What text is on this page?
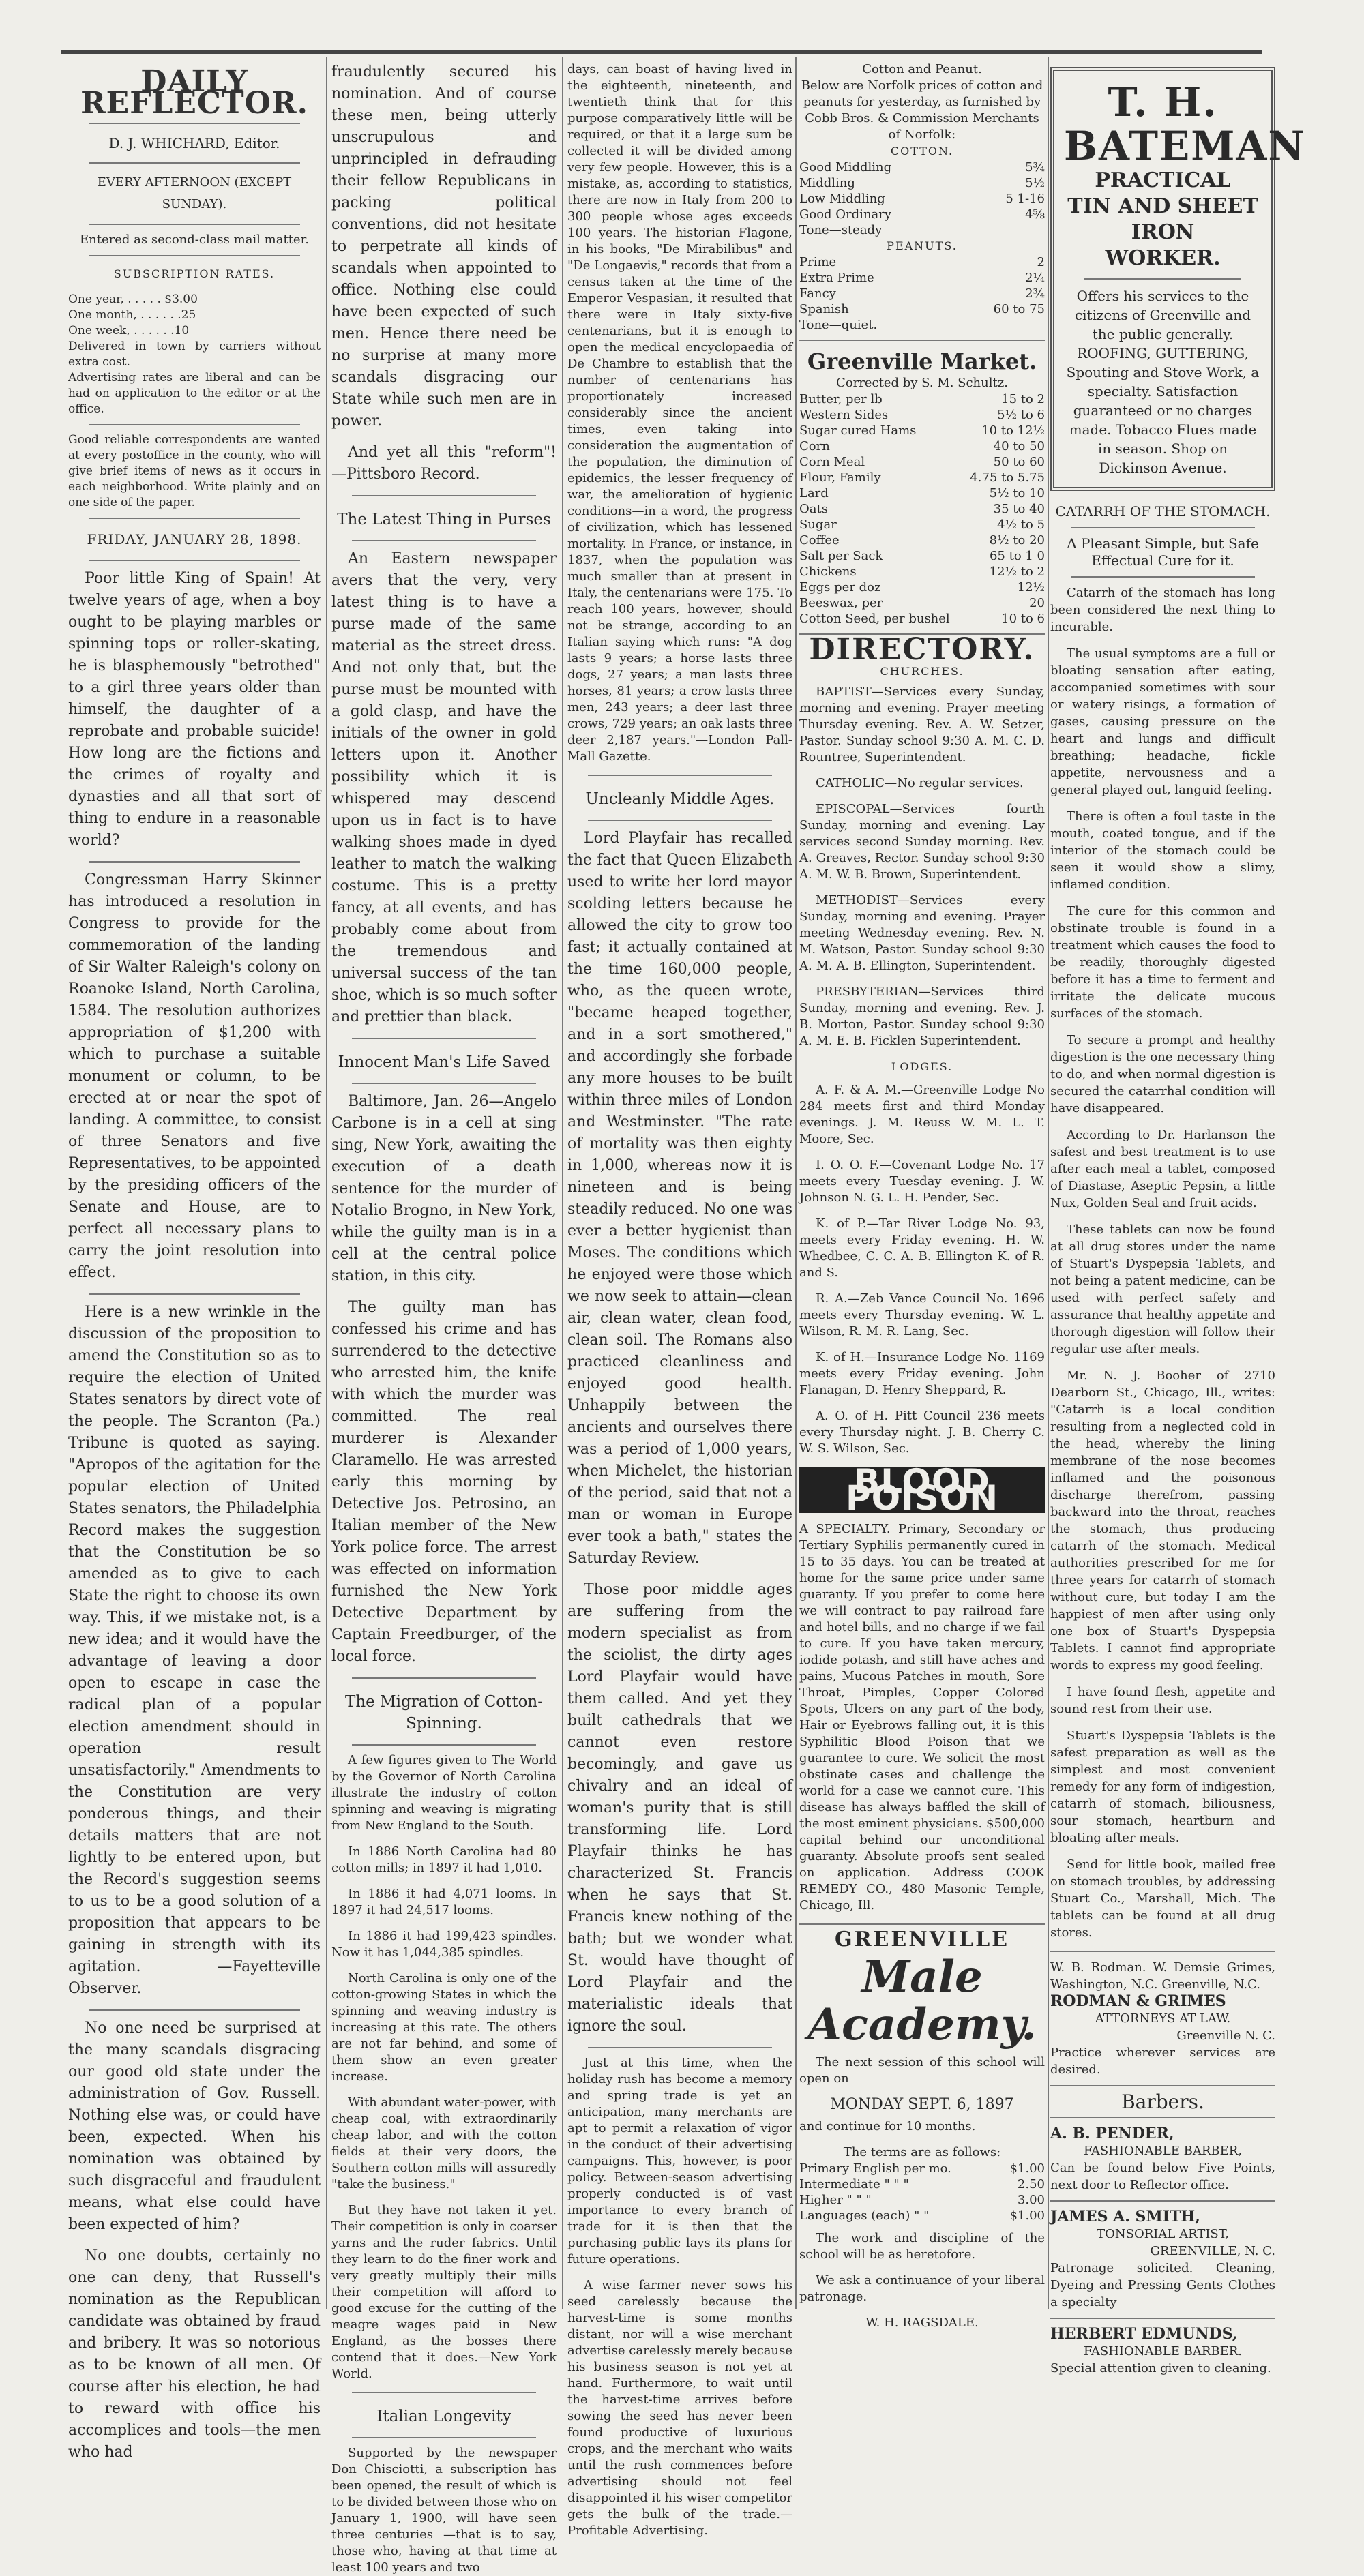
DAILY REFLECTOR.
D. J. WHICHARD, Editor.
EVERY AFTERNOON (EXCEPT SUNDAY).
Entered as second-class mail matter.
SUBSCRIPTION RATES.
One year, . . . . . $3.00
One month, . . . . . .25
One week, . . . . . .10
Delivered in town by carriers without extra cost.
Advertising rates are liberal and can be had on application to the editor or at the office.
Good reliable correspondents are wanted at every postoffice in the county, who will give brief items of news as it occurs in each neighborhood. Write plainly and on one side of the paper.
FRIDAY, JANUARY 28, 1898.

Poor little King of Spain! At twelve years of age, when a boy ought to be playing marbles or spinning tops or roller-skating, he is blasphemously "betrothed" to a girl three years older than himself, the daughter of a reprobate and probable suicide! How long are the fictions and the crimes of royalty and dynasties and all that sort of thing to endure in a reasonable world?

Congressman Harry Skinner has introduced a resolution in Congress to provide for the commemoration of the landing of Sir Walter Raleigh's colony on Roanoke Island, North Carolina, 1584. The resolution authorizes appropriation of $1,200 with which to purchase a suitable monument or column, to be erected at or near the spot of landing. A committee, to consist of three Senators and five Representatives, to be appointed by the presiding officers of the Senate and House, are to perfect all necessary plans to carry the joint resolution into effect.

Here is a new wrinkle in the discussion of the proposition to amend the Constitution so as to require the election of United States senators by direct vote of the people. The Scranton (Pa.) Tribune is quoted as saying. "Apropos of the agitation for the popular election of United States senators, the Philadelphia Record makes the suggestion that the Constitution be so amended as to give to each State the right to choose its own way. This, if we mistake not, is a new idea; and it would have the advantage of leaving a door open to escape in case the radical plan of a popular election amendment should in operation result unsatisfactorily." Amendments to the Constitution are very ponderous things, and their details matters that are not lightly to be entered upon, but the Record's suggestion seems to us to be a good solution of a proposition that appears to be gaining in strength with its agitation. —Fayetteville Observer.

No one need be surprised at the many scandals disgracing our good old state under the administration of Gov. Russell. Nothing else was, or could have been, expected. When his nomination was obtained by such disgraceful and fraudulent means, what else could have been expected of him?

No one doubts, certainly no one can deny, that Russell's nomination as the Republican candidate was obtained by fraud and bribery. It was so notorious as to be known of all men. Of course after his election, he had to reward with office his accomplices and tools—the men who had

fraudulently secured his nomination. And of course these men, being utterly unscrupulous and unprincipled in defrauding their fellow Republicans in packing political conventions, did not hesitate to perpetrate all kinds of scandals when appointed to office. Nothing else could have been expected of such men. Hence there need be no surprise at many more scandals disgracing our State while such men are in power.

And yet all this "reform"! —Pittsboro Record.

The Latest Thing in Purses

An Eastern newspaper avers that the very, very latest thing is to have a purse made of the same material as the street dress. And not only that, but the purse must be mounted with a gold clasp, and have the initials of the owner in gold letters upon it. Another possibility which it is whispered may descend upon us in fact is to have walking shoes made in dyed leather to match the walking costume. This is a pretty fancy, at all events, and has probably come about from the tremendous and universal success of the tan shoe, which is so much softer and prettier than black.

Innocent Man's Life Saved

Baltimore, Jan. 26—Angelo Carbone is in a cell at sing sing, New York, awaiting the execution of a death sentence for the murder of Notalio Brogno, in New York, while the guilty man is in a cell at the central police station, in this city.

The guilty man has confessed his crime and has surrendered to the detective who arrested him, the knife with which the murder was committed. The real murderer is Alexander Claramello. He was arrested early this morning by Detective Jos. Petrosino, an Italian member of the New York police force. The arrest was effected on information furnished the New York Detective Department by Captain Freedburger, of the local force.

The Migration of Cotton-Spinning.

A few figures given to The World by the Governor of North Carolina illustrate the industry of cotton spinning and weaving is migrating from New England to the South.

In 1886 North Carolina had 80 cotton mills; in 1897 it had 1,010.

In 1886 it had 4,071 looms. In 1897 it had 24,517 looms.

In 1886 it had 199,423 spindles. Now it has 1,044,385 spindles.

North Carolina is only one of the cotton-growing States in which the spinning and weaving industry is increasing at this rate. The others are not far behind, and some of them show an even greater increase.

With abundant water-power, with cheap coal, with extraordinarily cheap labor, and with the cotton fields at their very doors, the Southern cotton mills will assuredly "take the business."

But they have not taken it yet. Their competition is only in coarser yarns and the ruder fabrics. Until they learn to do the finer work and very greatly multiply their mills their competition will afford to good excuse for the cutting of the meagre wages paid in New England, as the bosses there contend that it does.—New York World.

Italian Longevity

Supported by the newspaper Don Chisciotti, a subscription has been opened, the result of which is to be divided between those who on January 1, 1900, will have seen three centuries —that is to say, those who, having at that time at least 100 years and two

days, can boast of having lived in the eighteenth, nineteenth, and twentieth think that for this purpose comparatively little will be required, or that it a large sum be collected it will be divided among very few people. However, this is a mistake, as, according to statistics, there are now in Italy from 200 to 300 people whose ages exceeds 100 years. The historian Flagone, in his books, "De Mirabilibus" and "De Longaevis," records that from a census taken at the time of the Emperor Vespasian, it resulted that there were in Italy sixty-five centenarians, but it is enough to open the medical encyclopaedia of De Chambre to establish that the number of centenarians has proportionately increased considerably since the ancient times, even taking into consideration the augmentation of the population, the diminution of epidemics, the lesser frequency of war, the amelioration of hygienic conditions—in a word, the progress of civilization, which has lessened mortality. In France, or instance, in 1837, when the population was much smaller than at present in Italy, the centenarians were 175. To reach 100 years, however, should not be strange, according to an Italian saying which runs: "A dog lasts 9 years; a horse lasts three dogs, 27 years; a man lasts three horses, 81 years; a crow lasts three men, 243 years; a deer last three crows, 729 years; an oak lasts three deer 2,187 years."—London Pall-Mall Gazette.

Uncleanly Middle Ages.

Lord Playfair has recalled the fact that Queen Elizabeth used to write her lord mayor scolding letters because he allowed the city to grow too fast; it actually contained at the time 160,000 people, who, as the queen wrote, "became heaped together, and in a sort smothered," and accordingly she forbade any more houses to be built within three miles of London and Westminster. "The rate of mortality was then eighty in 1,000, whereas now it is nineteen and is being steadily reduced. No one was ever a better hygienist than Moses. The conditions which he enjoyed were those which we now seek to attain—clean air, clean water, clean food, clean soil. The Romans also practiced cleanliness and enjoyed good health. Unhappily between the ancients and ourselves there was a period of 1,000 years, when Michelet, the historian of the period, said that not a man or woman in Europe ever took a bath," states the Saturday Review.

Those poor middle ages are suffering from the modern specialist as from the sciolist, the dirty ages Lord Playfair would have them called. And yet they built cathedrals that we cannot even restore becomingly, and gave us chivalry and an ideal of woman's purity that is still transforming life. Lord Playfair thinks he has characterized St. Francis when he says that St. Francis knew nothing of the bath; but we wonder what St. would have thought of Lord Playfair and the materialistic ideals that ignore the soul.

Just at this time, when the holiday rush has become a memory and spring trade is yet an anticipation, many merchants are apt to permit a relaxation of vigor in the conduct of their advertising campaigns. This, however, is poor policy. Between-season advertising properly conducted is of vast importance to every branch of trade for it is then that the purchasing public lays its plans for future operations.

A wise farmer never sows his seed carelessly because the harvest-time is some months distant, nor will a wise merchant advertise carelessly merely because his business season is not yet at hand. Furthermore, to wait until the harvest-time arrives before sowing the seed has never been found productive of luxurious crops, and the merchant who waits until the rush commences before advertising should not feel disappointed it his wiser competitor gets the bulk of the trade.—Profitable Advertising.

Cotton and Peanut.
Below are Norfolk prices of cotton and peanuts for yesterday, as furnished by Cobb Bros. & Commission Merchants of Norfolk:
COTTON.
Good Middling	5¾
Middling	5½
Low Middling	5 1-16
Good Ordinary	4⅝
Tone—steady	
PEANUTS.
Prime	2
Extra Prime	2¼
Fancy	2¾
Spanish	60 to 75
Tone—quiet.	
Greenville Market.
Corrected by S. M. Schultz.
Butter, per lb	15 to 2
Western Sides	5½ to 6
Sugar cured Hams	10 to 12½
Corn	40 to 50
Corn Meal	50 to 60
Flour, Family	4.75 to 5.75
Lard	5½ to 10
Oats	35 to 40
Sugar	4½ to 5
Coffee	8½ to 20
Salt per Sack	65 to 1 0
Chickens	12½ to 2
Eggs per doz	12½
Beeswax, per	20
Cotton Seed, per bushel	10 to 6
DIRECTORY.
CHURCHES.

BAPTIST—Services every Sunday, morning and evening. Prayer meeting Thursday evening. Rev. A. W. Setzer, Pastor. Sunday school 9:30 A. M. C. D. Rountree, Superintendent.

CATHOLIC—No regular services.

EPISCOPAL—Services fourth Sunday, morning and evening. Lay services second Sunday morning. Rev. A. Greaves, Rector. Sunday school 9:30 A. M. W. B. Brown, Superintendent.

METHODIST—Services every Sunday, morning and evening. Prayer meeting Wednesday evening. Rev. N. M. Watson, Pastor. Sunday school 9:30 A. M. A. B. Ellington, Superintendent.

PRESBYTERIAN—Services third Sunday, morning and evening. Rev. J. B. Morton, Pastor. Sunday school 9:30 A. M. E. B. Ficklen Superintendent.

LODGES.

A. F. & A. M.—Greenville Lodge No 284 meets first and third Monday evenings. J. M. Reuss W. M. L. T. Moore, Sec.

I. O. O. F.—Covenant Lodge No. 17 meets every Tuesday evening. J. W. Johnson N. G. L. H. Pender, Sec.

K. of P.—Tar River Lodge No. 93, meets every Friday evening. H. W. Whedbee, C. C. A. B. Ellington K. of R. and S.

R. A.—Zeb Vance Council No. 1696 meets every Thursday evening. W. L. Wilson, R. M. R. Lang, Sec.

K. of H.—Insurance Lodge No. 1169 meets every Friday evening. John Flanagan, D. Henry Sheppard, R.

A. O. of H. Pitt Council 236 meets every Thursday night. J. B. Cherry C. W. S. Wilson, Sec.

BLOOD POISON

A SPECIALTY. Primary, Secondary or Tertiary Syphilis permanently cured in 15 to 35 days. You can be treated at home for the same price under same guaranty. If you prefer to come here we will contract to pay railroad fare and hotel bills, and no charge if we fail to cure. If you have taken mercury, iodide potash, and still have aches and pains, Mucous Patches in mouth, Sore Throat, Pimples, Copper Colored Spots, Ulcers on any part of the body, Hair or Eyebrows falling out, it is this Syphilitic Blood Poison that we guarantee to cure. We solicit the most obstinate cases and challenge the world for a case we cannot cure. This disease has always baffled the skill of the most eminent physicians. $500,000 capital behind our unconditional guaranty. Absolute proofs sent sealed on application. Address COOK REMEDY CO., 480 Masonic Temple, Chicago, Ill.

GREENVILLE
Male Academy.

The next session of this school will open on

MONDAY SEPT. 6, 1897

and continue for 10 months.

The terms are as follows:
Primary English per mo.	$1.00
Intermediate " " "	2.50
Higher " " "	3.00
Languages (each) " "	$1.00

The work and discipline of the school will be as heretofore.

We ask a continuance of your liberal patronage.

W. H. RAGSDALE.
T. H. BATEMAN
PRACTICAL
TIN AND SHEET IRON
WORKER.
Offers his services to the citizens of Greenville and the public generally. ROOFING, GUTTERING, Spouting and Stove Work, a specialty. Satisfaction guaranteed or no charges made. Tobacco Flues made in season. Shop on Dickinson Avenue.
CATARRH OF THE STOMACH.
A Pleasant Simple, but Safe Effectual Cure for it.

Catarrh of the stomach has long been considered the next thing to incurable.

The usual symptoms are a full or bloating sensation after eating, accompanied sometimes with sour or watery risings, a formation of gases, causing pressure on the heart and lungs and difficult breathing; headache, fickle appetite, nervousness and a general played out, languid feeling.

There is often a foul taste in the mouth, coated tongue, and if the interior of the stomach could be seen it would show a slimy, inflamed condition.

The cure for this common and obstinate trouble is found in a treatment which causes the food to be readily, thoroughly digested before it has a time to ferment and irritate the delicate mucous surfaces of the stomach.

To secure a prompt and healthy digestion is the one necessary thing to do, and when normal digestion is secured the catarrhal condition will have disappeared.

According to Dr. Harlanson the safest and best treatment is to use after each meal a tablet, composed of Diastase, Aseptic Pepsin, a little Nux, Golden Seal and fruit acids.

These tablets can now be found at all drug stores under the name of Stuart's Dyspepsia Tablets, and not being a patent medicine, can be used with perfect safety and assurance that healthy appetite and thorough digestion will follow their regular use after meals.

Mr. N. J. Booher of 2710 Dearborn St., Chicago, Ill., writes: "Catarrh is a local condition resulting from a neglected cold in the head, whereby the lining membrane of the nose becomes inflamed and the poisonous discharge therefrom, passing backward into the throat, reaches the stomach, thus producing catarrh of the stomach. Medical authorities prescribed for me for three years for catarrh of stomach without cure, but today I am the happiest of men after using only one box of Stuart's Dyspepsia Tablets. I cannot find appropriate words to express my good feeling.

I have found flesh, appetite and sound rest from their use.

Stuart's Dyspepsia Tablets is the safest preparation as well as the simplest and most convenient remedy for any form of indigestion, catarrh of stomach, biliousness, sour stomach, heartburn and bloating after meals.

Send for little book, mailed free on stomach troubles, by addressing Stuart Co., Marshall, Mich. The tablets can be found at all drug stores.

W. B. Rodman. W. Demsie Grimes, Washington, N.C. Greenville, N.C.
RODMAN & GRIMES
ATTORNEYS AT LAW.
Greenville N. C.
Practice wherever services are desired.
Barbers.
A. B. PENDER,
FASHIONABLE BARBER,
Can be found below Five Points, next door to Reflector office.
JAMES A. SMITH,
TONSORIAL ARTIST,
GREENVILLE, N. C.
Patronage solicited. Cleaning, Dyeing and Pressing Gents Clothes a specialty
HERBERT EDMUNDS,
FASHIONABLE BARBER.
Special attention given to cleaning.
